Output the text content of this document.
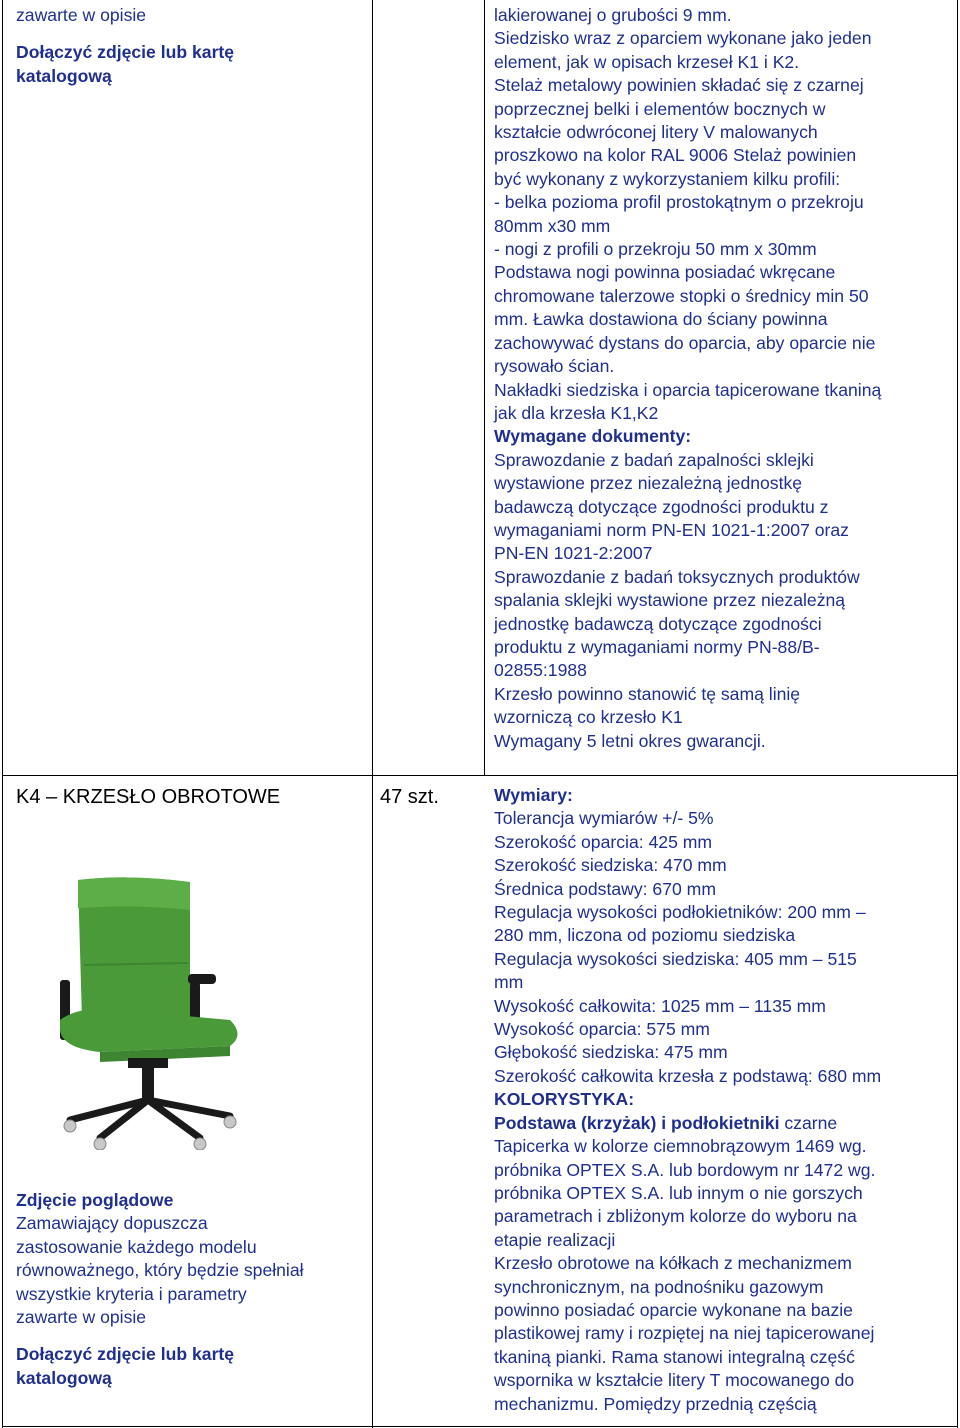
zawarte w opisie

Dołączyć zdjęcie lub kartę
katalogową

lakierowanej o grubości 9 mm.

Siedzisko wraz z oparciem wykonane jako jeden

element, jak w opisach krzeseł K1 i K2.

Stelaż metalowy powinien składać się z czarnej

poprzecznej belki i elementów bocznych w

kształcie odwróconej litery V malowanych

proszkowo na kolor RAL 9006 Stelaż powinien

być wykonany z wykorzystaniem kilku profili:

- belka pozioma profil prostokątnym o przekroju

80mm x30 mm

- nogi z profili o przekroju 50 mm x 30mm

Podstawa nogi powinna posiadać wkręcane

chromowane talerzowe stopki o średnicy min 50

mm. Ławka dostawiona do ściany powinna

zachowywać dystans do oparcia, aby oparcie nie

rysowało ścian.

Nakładki siedziska i oparcia tapicerowane tkaniną

jak dla krzesła K1,K2

Wymagane dokumenty:

Sprawozdanie z badań zapalności sklejki

wystawione przez niezależną jednostkę

badawczą dotyczące zgodności produktu z

wymaganiami norm PN-EN 1021-1:2007 oraz

PN-EN 1021-2:2007

Sprawozdanie z badań toksycznych produktów

spalania sklejki wystawione przez niezależną

jednostkę badawczą dotyczące zgodności

produktu z wymaganiami normy PN-88/B-

02855:1988

Krzesło powinno stanowić tę samą linię

wzorniczą co krzesło K1

Wymagany 5 letni okres gwarancji.

K4 – KRZESŁO OBROTOWE	47 szt.

Zdjęcie poglądowe

Zamawiający dopuszcza
zastosowanie każdego modelu
równoważnego, który będzie spełniał
wszystkie kryteria i parametry
zawarte w opisie

Dołączyć zdjęcie lub kartę
katalogową

Wymiary:

Tolerancja wymiarów +/- 5%

Szerokość oparcia: 425 mm

Szerokość siedziska: 470 mm

Średnica podstawy: 670 mm

Regulacja wysokości podłokietników: 200 mm –

280 mm, liczona od poziomu siedziska

Regulacja wysokości siedziska: 405 mm – 515

mm

Wysokość całkowita: 1025 mm – 1135 mm

Wysokość oparcia: 575 mm

Głębokość siedziska: 475 mm

Szerokość całkowita krzesła z podstawą: 680 mm

KOLORYSTYKA:

Podstawa (krzyżak) i podłokietniki czarne

Tapicerka w kolorze ciemnobrązowym 1469 wg.

próbnika OPTEX S.A. lub bordowym nr 1472 wg.

próbnika OPTEX S.A. lub innym o nie gorszych

parametrach i zbliżonym kolorze do wyboru na

etapie realizacji

Krzesło obrotowe na kółkach z mechanizmem

synchronicznym, na podnośniku gazowym

powinno posiadać oparcie wykonane na bazie

plastikowej ramy i rozpiętej na niej tapicerowanej

tkaniną pianki. Rama stanowi integralną część

wspornika w kształcie litery T mocowanego do

mechanizmu. Pomiędzy przednią częścią
